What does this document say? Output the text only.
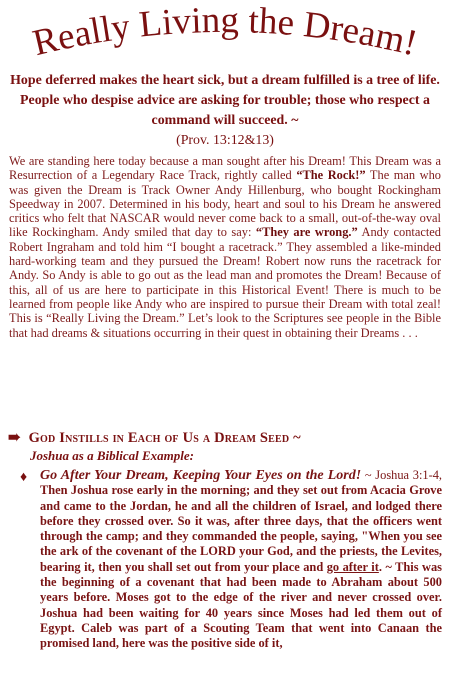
Really Living the Dream!
Hope deferred makes the heart sick, but a dream fulfilled is a tree of life. People who despise advice are asking for trouble; those who respect a command will succeed. ~
(Prov. 13:12&13)
We are standing here today because a man sought after his Dream! This Dream was a Resurrection of a Legendary Race Track, rightly called “The Rock!” The man who was given the Dream is Track Owner Andy Hillenburg, who bought Rockingham Speedway in 2007. Determined in his body, heart and soul to his Dream he answered critics who felt that NASCAR would never come back to a small, out-of-the-way oval like Rockingham. Andy smiled that day to say: “They are wrong.” Andy contacted Robert Ingraham and told him “I bought a racetrack.” They assembled a like-minded hard-working team and they pursued the Dream! Robert now runs the racetrack for Andy. So Andy is able to go out as the lead man and promotes the Dream! Because of this, all of us are here to participate in this Historical Event! There is much to be learned from people like Andy who are inspired to pursue their Dream with total zeal! This is “Really Living the Dream.” Let’s look to the Scriptures see people in the Bible that had dreams & situations occurring in their quest in obtaining their Dreams . . .
➠ God Instills in Each of Us a Dream Seed ~
Joshua as a Biblical Example:
♦ Go After Your Dream, Keeping Your Eyes on the Lord! ~ Joshua 3:1-4, Then Joshua rose early in the morning; and they set out from Acacia Grove and came to the Jordan, he and all the children of Israel, and lodged there before they crossed over. So it was, after three days, that the officers went through the camp; and they commanded the people, saying, "When you see the ark of the covenant of the LORD your God, and the priests, the Levites, bearing it, then you shall set out from your place and go after it. ~ This was the beginning of a covenant that had been made to Abraham about 500 years before. Moses got to the edge of the river and never crossed over. Joshua had been waiting for 40 years since Moses had led them out of Egypt. Caleb was part of a Scouting Team that went into Canaan the promised land, here was the positive side of it,
